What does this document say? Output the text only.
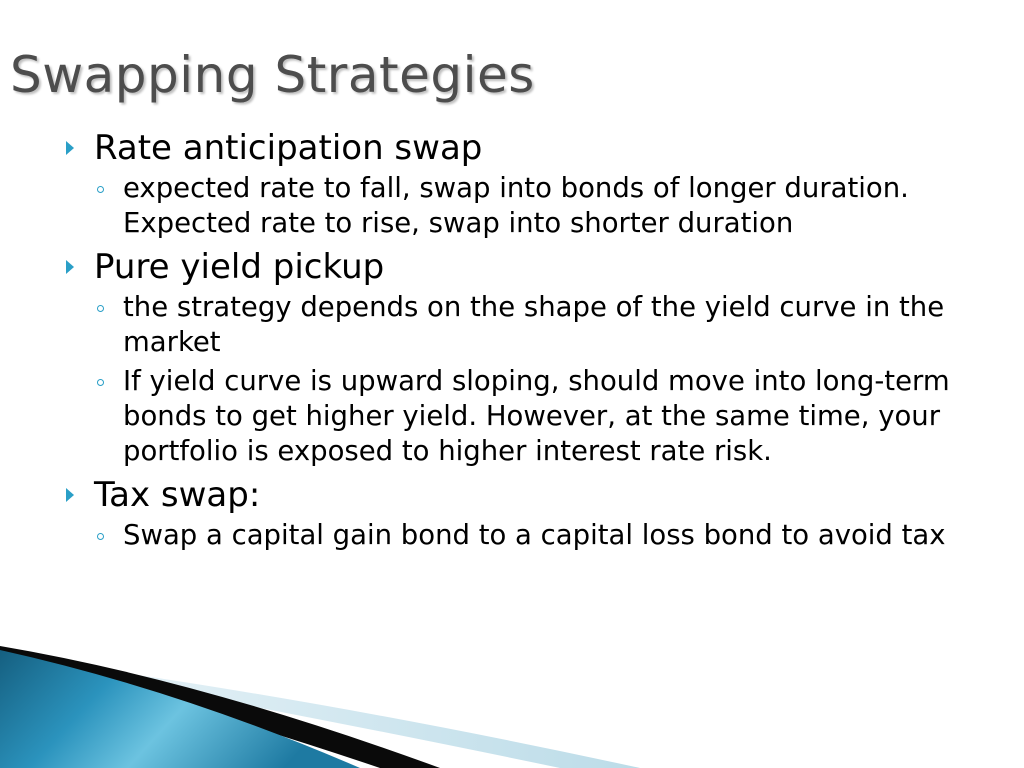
Swapping Strategies
Rate anticipation swap
expected rate to fall, swap into bonds of longer duration. Expected rate to rise, swap into shorter duration
Pure yield pickup
the strategy depends on the shape of the yield curve in the market
If yield curve is upward sloping, should move into long-term bonds to get higher yield. However, at the same time, your portfolio is exposed to higher interest rate risk.
Tax swap:
Swap a capital gain bond to a capital loss bond to avoid tax
